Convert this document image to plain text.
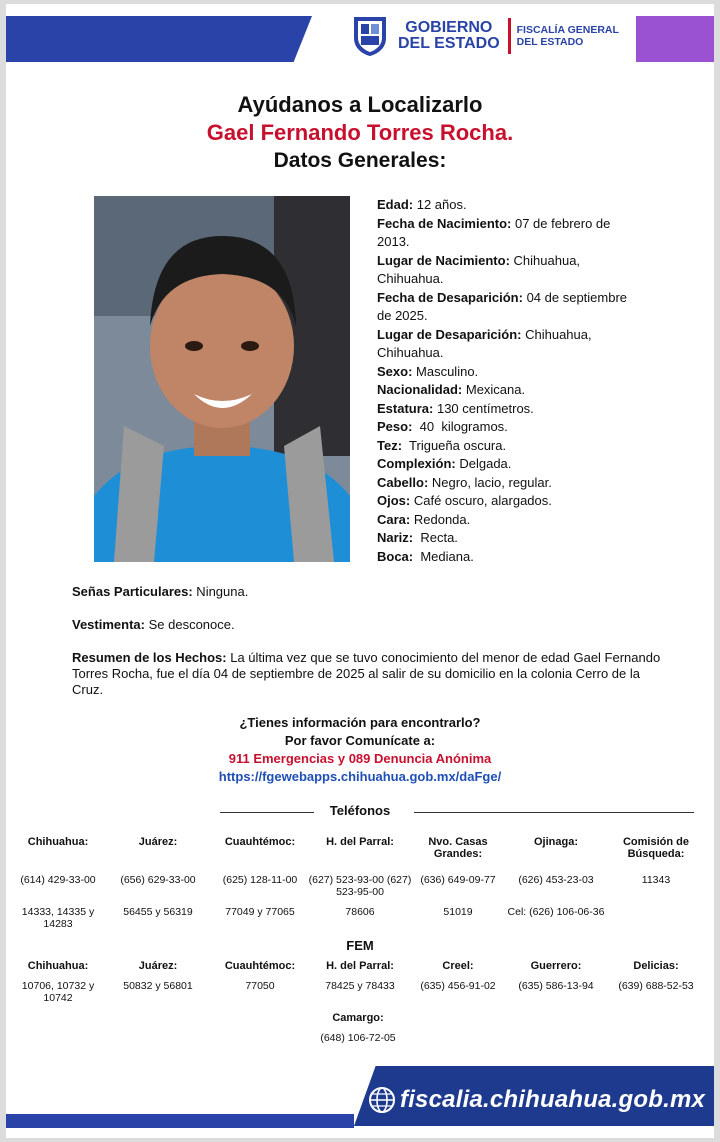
GOBIERNO
DEL ESTADO
FISCALÍA GENERAL
DEL ESTADO
Ayúdanos a Localizarlo
Gael Fernando Torres Rocha.
Datos Generales:
Edad: 12 años.
Fecha de Nacimiento: 07 de febrero de 2013.
Lugar de Nacimiento: Chihuahua, Chihuahua.
Fecha de Desaparición: 04 de septiembre de 2025.
Lugar de Desaparición: Chihuahua, Chihuahua.
Sexo: Masculino.
Nacionalidad: Mexicana.
Estatura: 130 centímetros.
Peso:  40  kilogramos.
Tez:  Trigueña oscura.
Complexión: Delgada.
Cabello: Negro, lacio, regular.
Ojos: Café oscuro, alargados.
Cara: Redonda.
Nariz:  Recta.
Boca:  Mediana.
Señas Particulares: Ninguna.
Vestimenta: Se desconoce.
Resumen de los Hechos: La última vez que se tuvo conocimiento del menor de edad Gael Fernando Torres Rocha, fue el día 04 de septiembre de 2025 al salir de su domicilio en la colonia Cerro de la Cruz.
¿Tienes información para encontrarlo?
Por favor Comunícate a:
911 Emergencias y 089 Denuncia Anónima
https://fgewebapps.chihuahua.gob.mx/daFge/
Teléfonos
Chihuahua:
(614) 429-33-00
14333, 14335 y 14283
Juárez:
(656) 629-33-00
56455 y 56319
Cuauhtémoc:
(625) 128-11-00
77049 y 77065
H. del Parral:
(627) 523-93-00 (627) 523-95-00
78606
Nvo. Casas Grandes:
(636) 649-09-77
51019
Ojinaga:
(626) 453-23-03
Cel: (626) 106-06-36
Comisión de Búsqueda:
11343
FEM
Chihuahua:
10706, 10732 y 10742
Juárez:
50832 y 56801
Cuauhtémoc:
77050
H. del Parral:
78425 y 78433
Creel:
(635) 456-91-02
Guerrero:
(635) 586-13-94
Delicias:
(639) 688-52-53
Camargo:
(648) 106-72-05
fiscalia.chihuahua.gob.mx
